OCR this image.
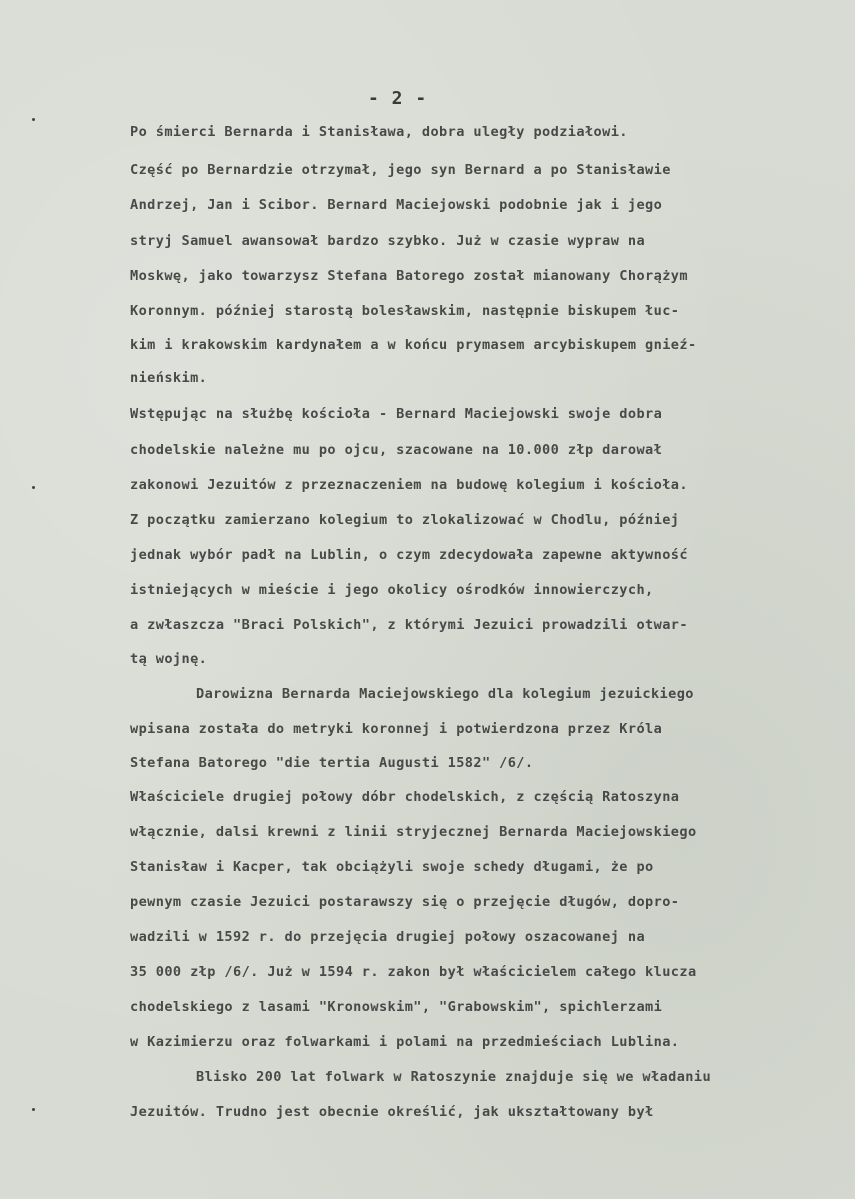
- 2 -
Po śmierci Bernarda i Stanisława, dobra uległy podziałowi.
Część po Bernardzie otrzymał, jego syn Bernard a po Stanisławie
Andrzej, Jan i Scibor. Bernard Maciejowski podobnie jak i jego
stryj Samuel awansował bardzo szybko. Już w czasie wypraw na
Moskwę, jako towarzysz Stefana Batorego został mianowany Chorążym
Koronnym. później starostą bolesławskim, następnie biskupem łuc-
kim i krakowskim kardynałem a w końcu prymasem arcybiskupem gnieź-
nieńskim.
Wstępując na służbę kościoła - Bernard Maciejowski swoje dobra
chodelskie należne mu po ojcu, szacowane na 10.000 złp darował
zakonowi Jezuitów z przeznaczeniem na budowę kolegium i kościoła.
Z początku zamierzano kolegium to zlokalizować w Chodlu, później
jednak wybór padł na Lublin, o czym zdecydowała zapewne aktywność
istniejących w mieście i jego okolicy ośrodków innowierczych,
a zwłaszcza "Braci Polskich", z którymi Jezuici prowadzili otwar-
tą wojnę.
Darowizna Bernarda Maciejowskiego dla kolegium jezuickiego
wpisana została do metryki koronnej i potwierdzona przez Króla
Stefana Batorego "die tertia Augusti 1582" /6/.
Właściciele drugiej połowy dóbr chodelskich, z częścią Ratoszyna
włącznie, dalsi krewni z linii stryjecznej Bernarda Maciejowskiego
Stanisław i Kacper, tak obciążyli swoje schedy długami, że po
pewnym czasie Jezuici postarawszy się o przejęcie długów, dopro-
wadzili w 1592 r. do przejęcia drugiej połowy oszacowanej na
35 000 złp /6/. Już w 1594 r. zakon był właścicielem całego klucza
chodelskiego z lasami "Kronowskim", "Grabowskim", spichlerzami
w Kazimierzu oraz folwarkami i polami na przedmieściach Lublina.
Blisko 200 lat folwark w Ratoszynie znajduje się we władaniu
Jezuitów. Trudno jest obecnie określić, jak ukształtowany był
